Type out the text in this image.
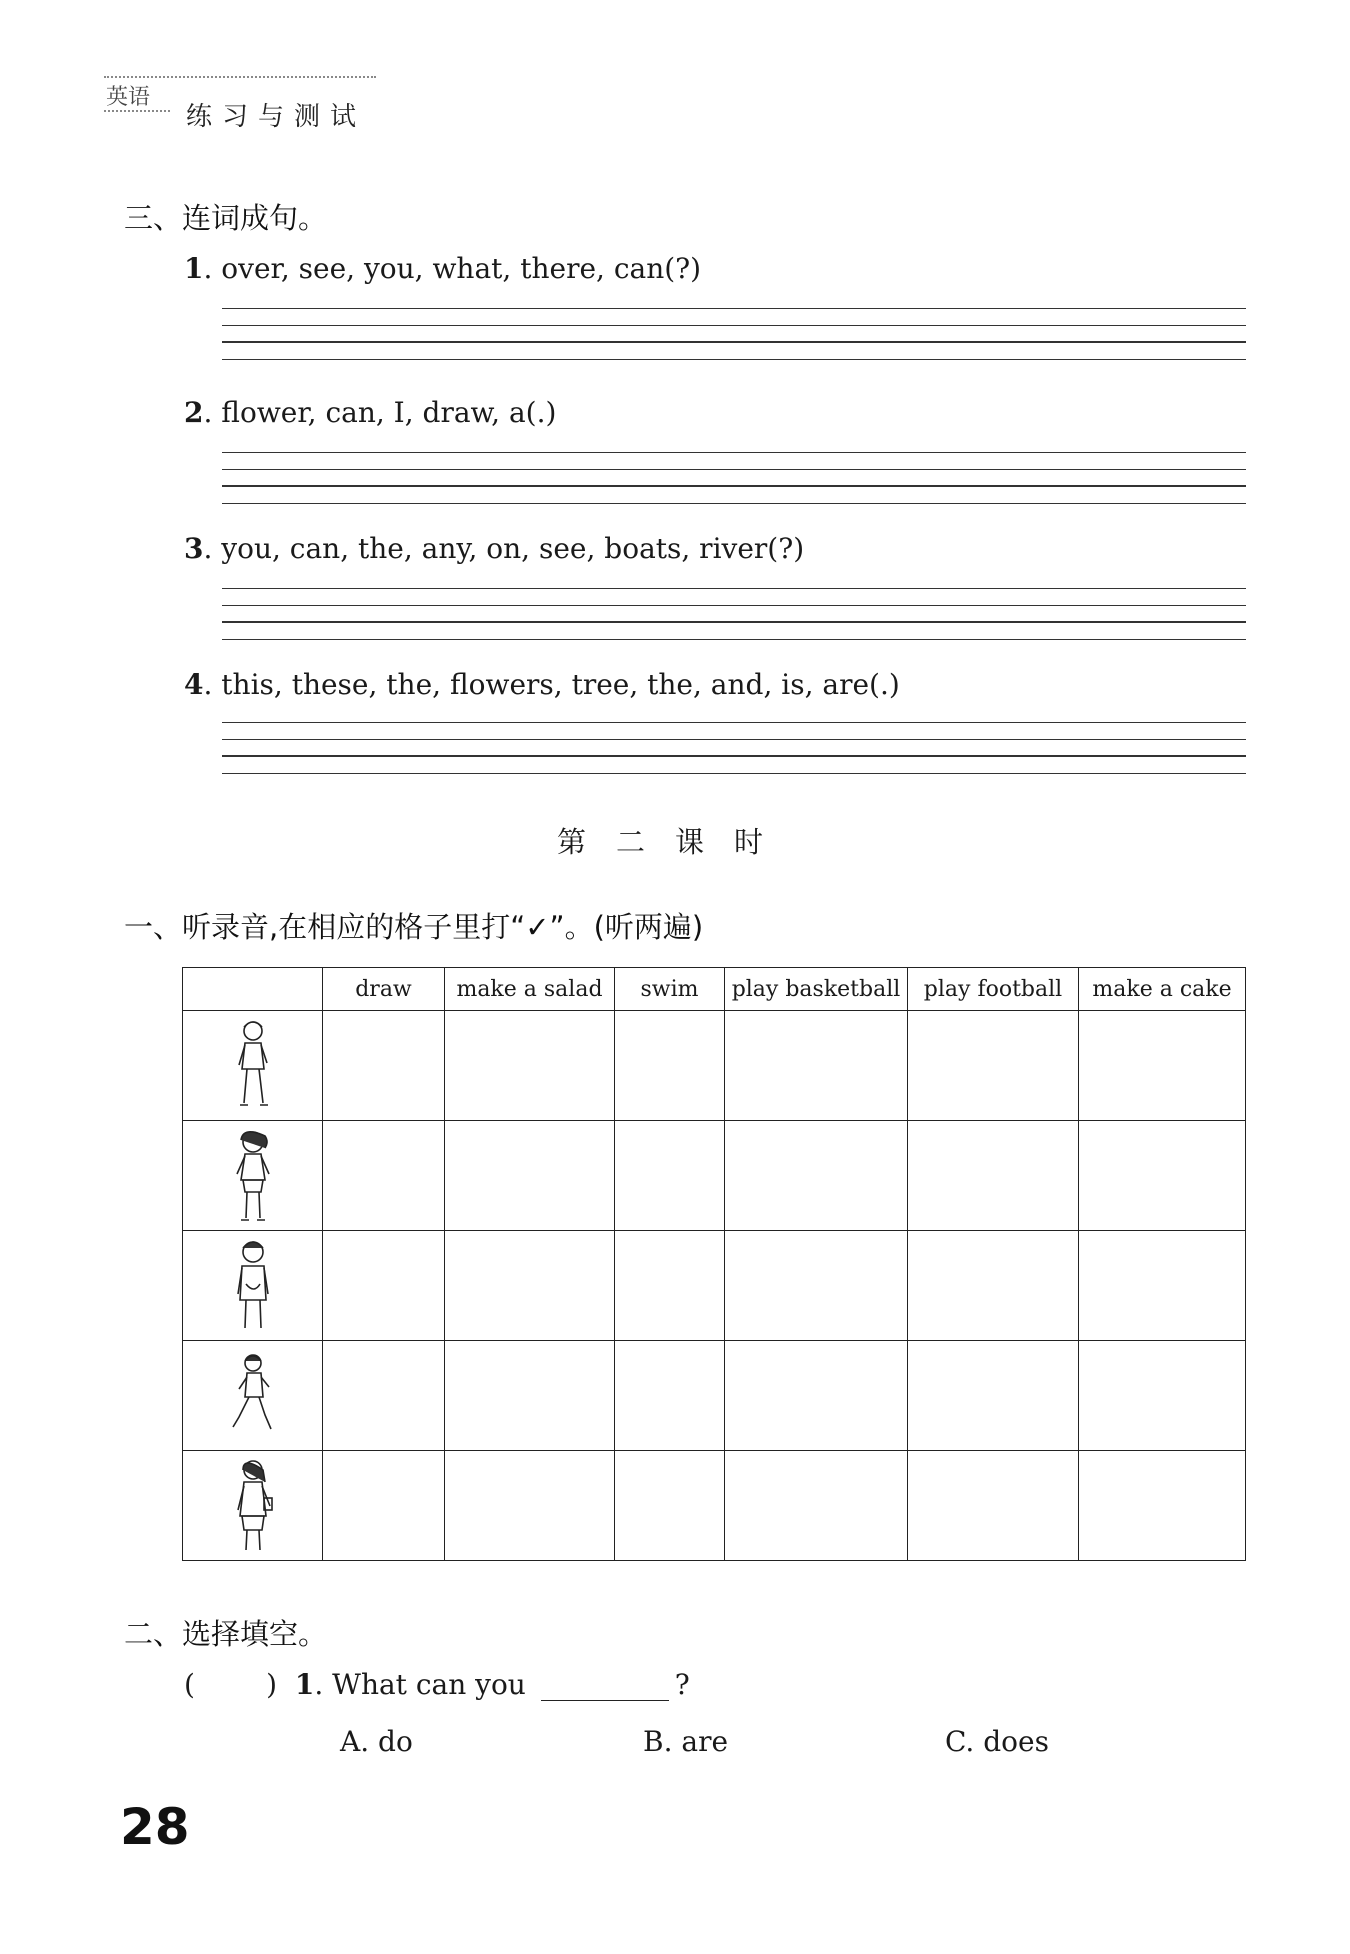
英语
练习与测试
三、连词成句。
1. over, see, you, what, there, can(?)
2. flower, can, I, draw, a(.)
3. you, can, the, any, on, see, boats, river(?)
4. this, these, the, flowers, tree, the, and, is, are(.)
第二课时
一、听录音,在相应的格子里打“✓”。(听两遍)
	draw	make a salad	swim	play basketball	play football	make a cake

二、选择填空。
(        ) 1. What can you	?
A. do	B. are	C. does
28
